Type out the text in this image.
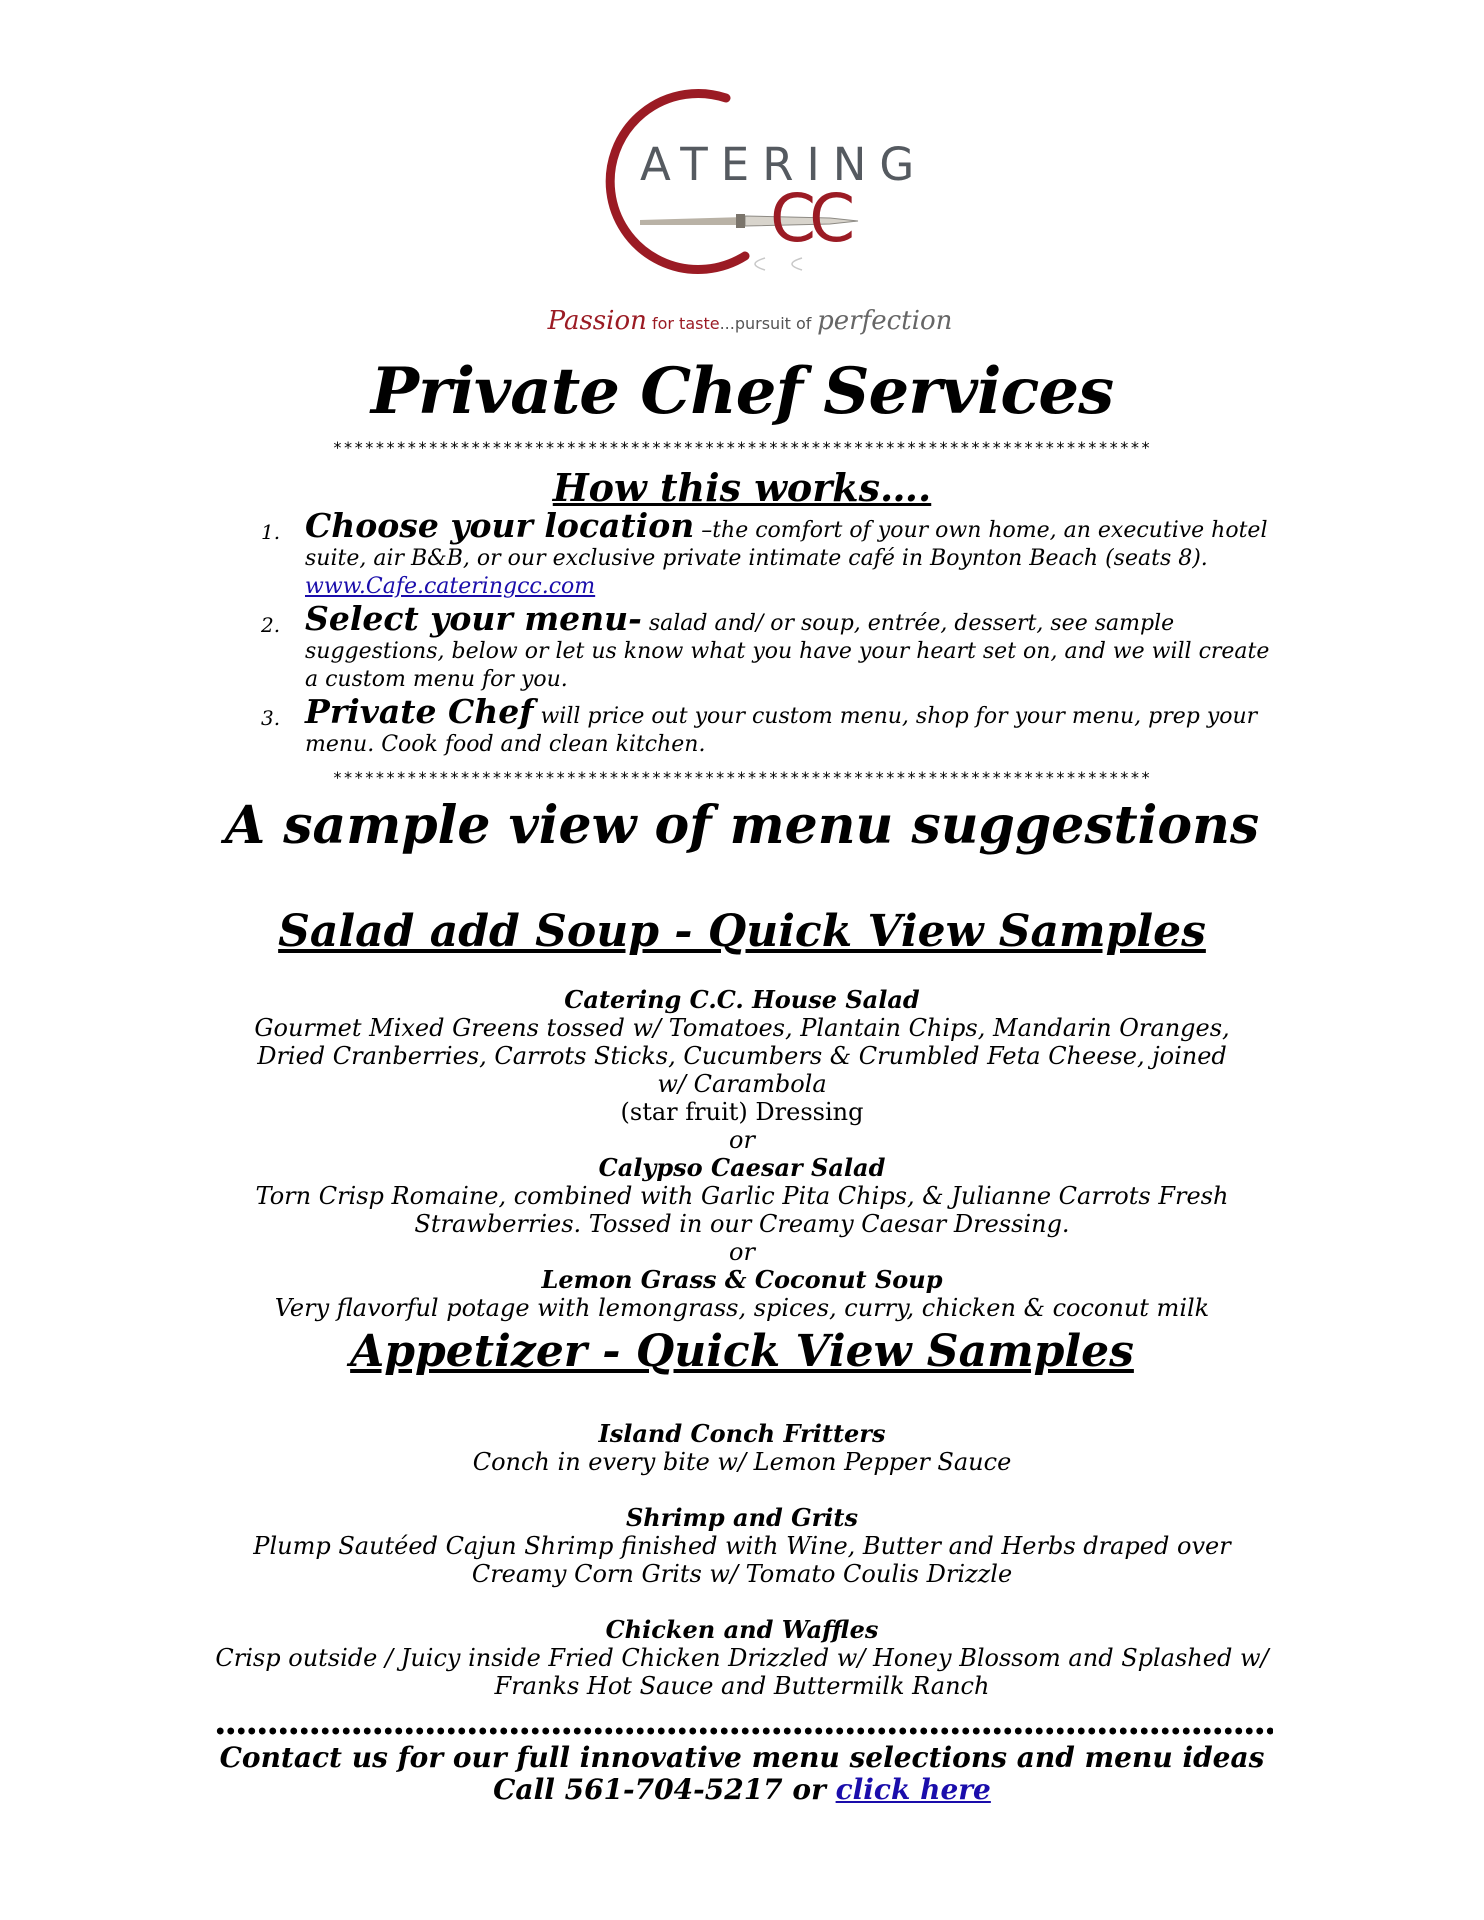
ATERING
CC
Passion for taste...pursuit of perfection
Private Chef Services
*****************************************************************************
How this works….
1. Choose your location –the comfort of your own home, an executive hotel suite, air B&B, or our exclusive private intimate café in Boynton Beach (seats 8).
www.Cafe.cateringcc.com
2. Select your menu- salad and/ or soup, entrée, dessert, see sample suggestions, below or let us know what you have your heart set on, and we will create a custom menu for you.
3. Private Chef will price out your custom menu, shop for your menu, prep your menu. Cook food and clean kitchen.
*****************************************************************************
A sample view of menu suggestions
Salad add Soup - Quick View Samples
Catering C.C. House Salad
Gourmet Mixed Greens tossed w/ Tomatoes, Plantain Chips, Mandarin Oranges, Dried Cranberries, Carrots Sticks, Cucumbers & Crumbled Feta Cheese, joined w/ Carambola
(star fruit) Dressing
or
Calypso Caesar Salad
Torn Crisp Romaine, combined with Garlic Pita Chips, & Julianne Carrots Fresh Strawberries. Tossed in our Creamy Caesar Dressing.
or
Lemon Grass & Coconut Soup
Very flavorful potage with lemongrass, spices, curry, chicken & coconut milk
Appetizer - Quick View Samples
Island Conch Fritters
Conch in every bite w/ Lemon Pepper Sauce
Shrimp and Grits
Plump Sautéed Cajun Shrimp finished with Wine, Butter and Herbs draped over Creamy Corn Grits w/ Tomato Coulis Drizzle
Chicken and Waffles
Crisp outside / Juicy inside Fried Chicken Drizzled w/ Honey Blossom and Splashed w/ Franks Hot Sauce and Buttermilk Ranch
Contact us for our full innovative menu selections and menu ideas
Call 561-704-5217 or click here
